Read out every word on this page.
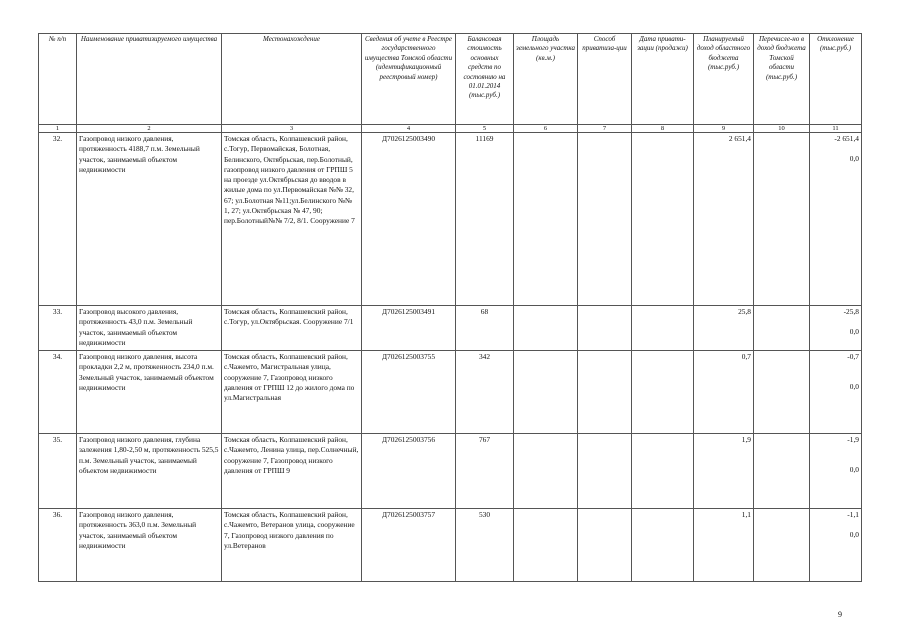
№ п/п	Наименование приватизируемого имущества	Местонахождение	Сведения об учете в Реестре государственного имущества Томской области (идентификационный реестровый номер)	Балансовая стоимость основных средств по состоянию на 01.01.2014 (тыс.руб.)	Площадь земельного участка (кв.м.)	Способ приватиза-ции	Дата привати-зации (продажи)	Планируемый доход областного бюджета (тыс.руб.)	Перечисле-но в доход бюджета Томской области (тыс.руб.)	Отклонение (тыс.руб.)
1	2	3	4	5	6	7	8	9	10	11
32.	Газопровод низкого давления, протяженность 4188,7 п.м. Земельный участок, занимаемый объектом недвижимости	Томская область, Колпашевский район, с.Тогур, Первомайская, Болотная, Белинского, Октябрьская, пер.Болотный, газопровод низкого давления от ГРПШ 5 на проезде ул.Октябрьская до вводов в жилые дома по ул.Первомайская №№ 32, 67; ул.Болотная №11;ул.Белинского №№ 1, 27; ул.Октябрьская № 47, 90; пер.Болотный№№ 7/2, 8/1. Сооружение 7	Д7026125003490	11169				2 651,4		-2 651,4
0,0

33.	Газопровод высокого давления, протяженность 43,0 п.м. Земельный участок, занимаемый объектом недвижимости	Томская область, Колпашевский район, с.Тогур, ул.Октябрьская. Сооружение 7/1	Д7026125003491	68				25,8		-25,8
0,0

34.	Газопровод низкого давления, высота прокладки 2,2 м, протяженность 234,0 п.м. Земельный участок, занимаемый объектом недвижимости	Томская область, Колпашевский район, с.Чажемто, Магистральная улица, сооружение 7, Газопровод низкого давления от ГРПШ 12 до жилого дома по ул.Магистральная	Д7026125003755	342				0,7		-0,7
0,0

35.	Газопровод низкого давления, глубина залежения 1,80-2,50 м, протяженность 525,5 п.м. Земельный участок, занимаемый объектом недвижимости	Томская область, Колпашевский район, с.Чажемто, Ленина улица, пер.Солнечный, сооружение 7, Газопровод низкого давления от ГРПШ 9	Д7026125003756	767				1,9		-1,9
0,0

36.	Газопровод низкого давления, протяженность 363,0 п.м. Земельный участок, занимаемый объектом недвижимости	Томская область, Колпашевский район, с.Чажемто, Ветеранов улица, сооружение 7, Газопровод низкого давления по ул.Ветеранов	Д7026125003757	530				1,1		-1,1
0,0
9
